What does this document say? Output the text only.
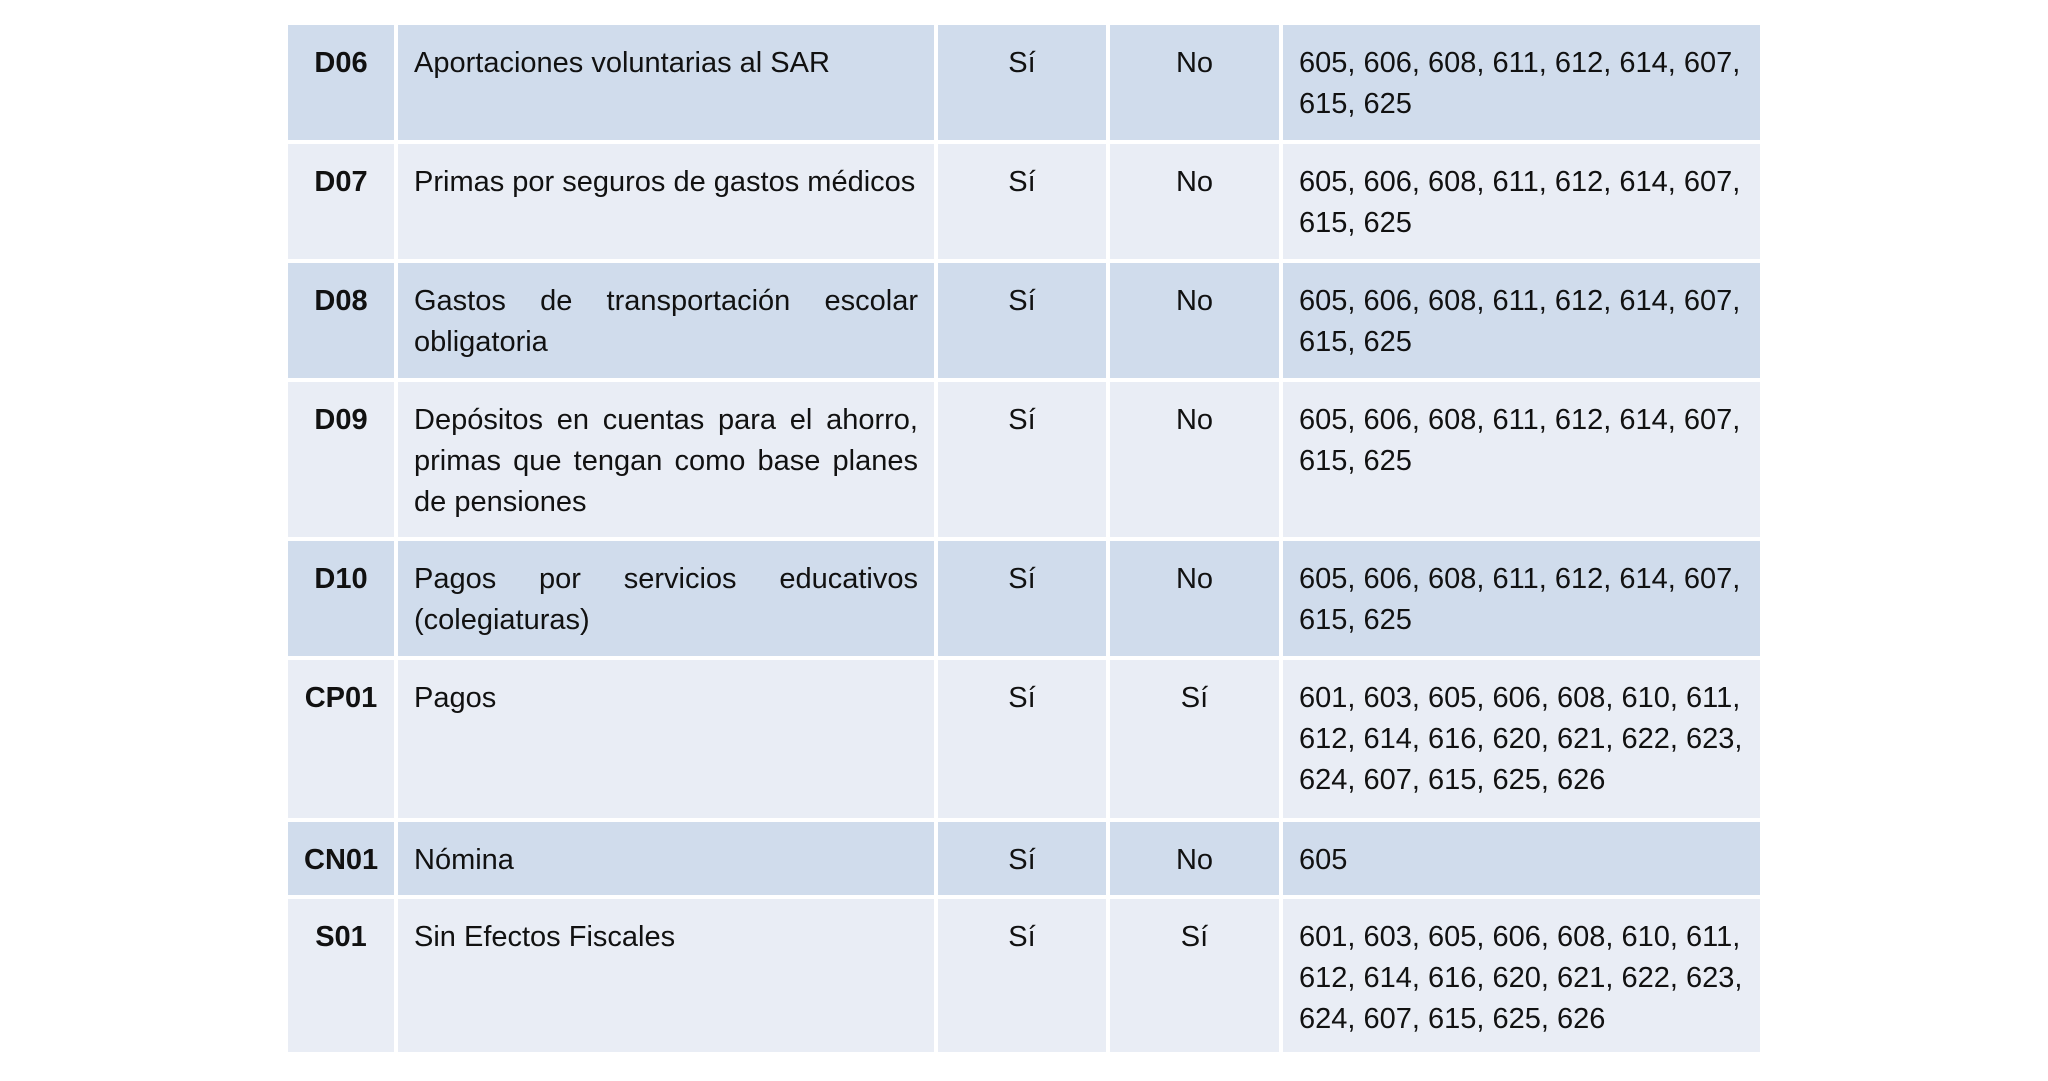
D06	Aportaciones voluntarias al SAR	Sí	No	605, 606, 608, 611, 612, 614, 607, 615, 625
D07	Primas por seguros de gastos médicos	Sí	No	605, 606, 608, 611, 612, 614, 607, 615, 625
D08	Gastos de transportación escolar obligatoria	Sí	No	605, 606, 608, 611, 612, 614, 607, 615, 625
D09	Depósitos en cuentas para el ahorro, primas que tengan como base planes de pensiones	Sí	No	605, 606, 608, 611, 612, 614, 607, 615, 625
D10	Pagos por servicios educativos (colegiaturas)	Sí	No	605, 606, 608, 611, 612, 614, 607, 615, 625
CP01	Pagos	Sí	Sí	601, 603, 605, 606, 608, 610, 611, 612, 614, 616, 620, 621, 622, 623, 624, 607, 615, 625, 626
CN01	Nómina	Sí	No	605
S01	Sin Efectos Fiscales	Sí	Sí	601, 603, 605, 606, 608, 610, 611, 612, 614, 616, 620, 621, 622, 623, 624, 607, 615, 625, 626
